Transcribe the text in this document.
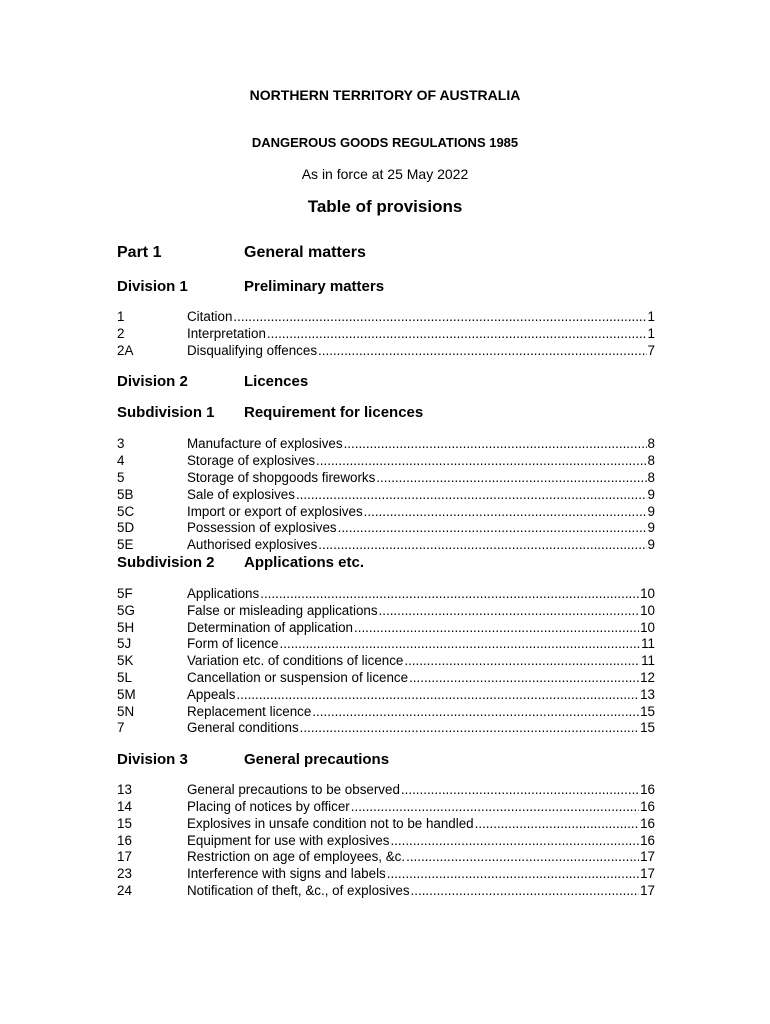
NORTHERN TERRITORY OF AUSTRALIA
DANGEROUS GOODS REGULATIONS 1985
As in force at 25 May 2022
Table of provisions
Part 1	General matters
Division 1	Preliminary matters
1	Citation .....	1
2	Interpretation .....	1
2A	Disqualifying offences .....	7
Division 2	Licences
Subdivision 1	Requirement for licences
3	Manufacture of explosives .....	8
4	Storage of explosives .....	8
5	Storage of shopgoods fireworks .....	8
5B	Sale of explosives .....	9
5C	Import or export of explosives .....	9
5D	Possession of explosives .....	9
5E	Authorised explosives .....	9
Subdivision 2	Applications etc.
5F	Applications .....	10
5G	False or misleading applications .....	10
5H	Determination of application .....	10
5J	Form of licence .....	11
5K	Variation etc. of conditions of licence .....	11
5L	Cancellation or suspension of licence .....	12
5M	Appeals .....	13
5N	Replacement licence .....	15
7	General conditions .....	15
Division 3	General precautions
13	General precautions to be observed .....	16
14	Placing of notices by officer .....	16
15	Explosives in unsafe condition not to be handled .....	16
16	Equipment for use with explosives .....	16
17	Restriction on age of employees, &c. .....	17
23	Interference with signs and labels .....	17
24	Notification of theft, &c., of explosives .....	17
